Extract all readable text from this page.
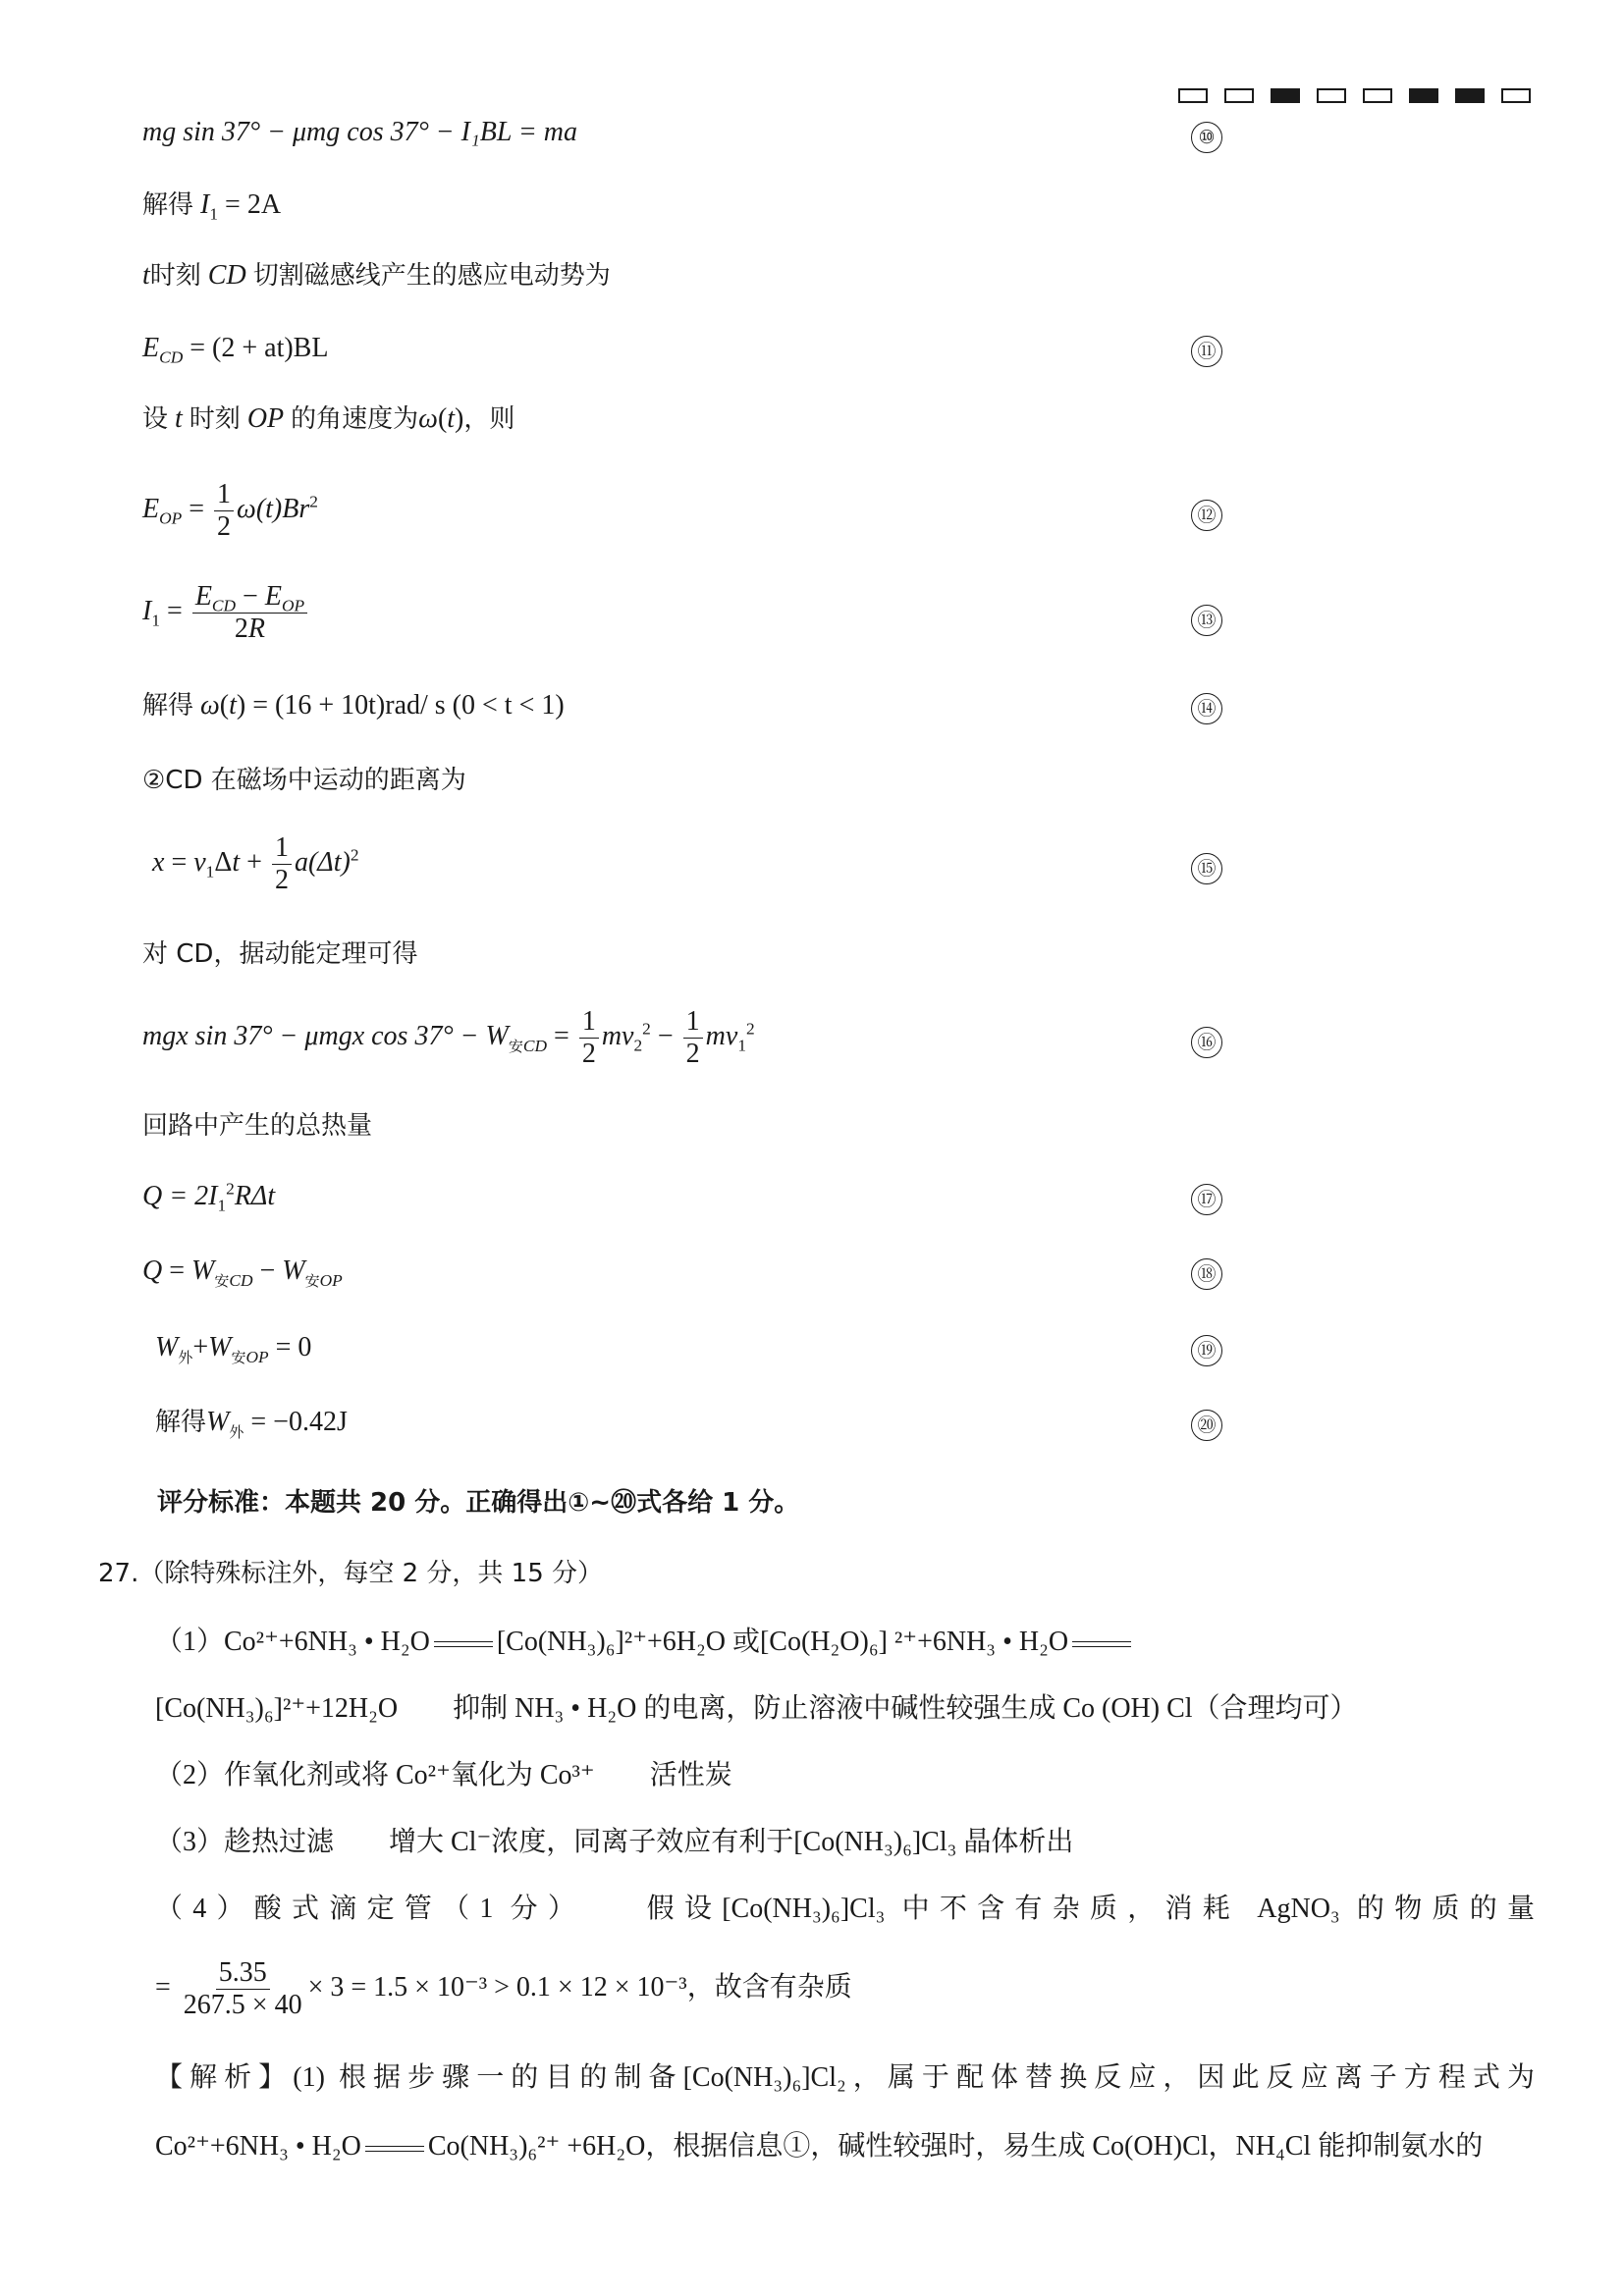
mg sin 37° − μmg cos 37° − I₁BL = ma	⑩
解得 $I_1 = 2A$
t时刻 CD 切割磁感线产生的感应电动势为
$E_{CD} = (2 + at)BL$	⑪
设 t 时刻 OP 的角速度为ω(t)，则
$E_{OP} = \frac{1}{2} \omega(t)Br^2$
⑫
$I_1 = \frac{E_{CD} - E_{OP}}{2R}$	⑬
解得 ω(t) = (16 + 10t)rad/ s (0 < t < 1)	⑭
②CD 在磁场中运动的距离为
$x = v_1\Delta t + \frac{1}{2} a(\Delta t)^2$
⑮
对 CD，据动能定理可得
mgx sin 37° − μmgx $\cos 37^\circ - W_{安CD} = \frac{1}{2} mv_2^2 - \frac{1}{2} mv_1^2$
⑯
回路中产生的总热量
$Q = 2I_1^2R\Delta t$	⑰
$Q = W_{安CD} - W_{安OP}$	⑱
$W_外+W_{安OP} = 0$	⑲
解得$W_外 = -0.42J$	⑳
评分标准：本题共 20 分。正确得出①~⑳式各给 1 分。
27.（除特殊标注外，每空 2 分，共 15 分）
（1）Co²⁺+6NH₃ • H₂O [Co(NH₃)₆]²⁺+6H₂O 或[Co(H₂O)₆] ²⁺+6NH₃ • H₂O
[Co(NH₃)₆]²⁺+12H₂O　　抑制 NH₃ • H₂O 的电离，防止溶液中碱性较强生成 Co (OH) Cl（合理均可）
（2）作氧化剂或将 Co²⁺氧化为 Co³⁺　　活性炭
（3）趁热过滤　　增大 Cl⁻浓度，同离子效应有利于[Co(NH₃)₆]Cl₃ 晶体析出
（4）酸式滴定管（1 分）　　假设[Co(NH₃)₆]Cl₃ 中不含有杂质，消耗 AgNO₃ 的物质的量
= $\frac{5.35}{267.5 \times 40} \times 3 = 1.5 \times 10^{-3} > 0.1 \times 12 \times 10^{-3}$，故含有杂质
【解析】(1) 根据步骤一的目的制备[Co(NH₃)₆]Cl₂，属于配体替换反应，因此反应离子方程式为
Co²⁺+6NH₃ • H₂O Co(NH₃)₆²⁺ +6H₂O，根据信息①，碱性较强时，易生成 Co(OH)Cl，NH₄Cl 能抑制氨水的
